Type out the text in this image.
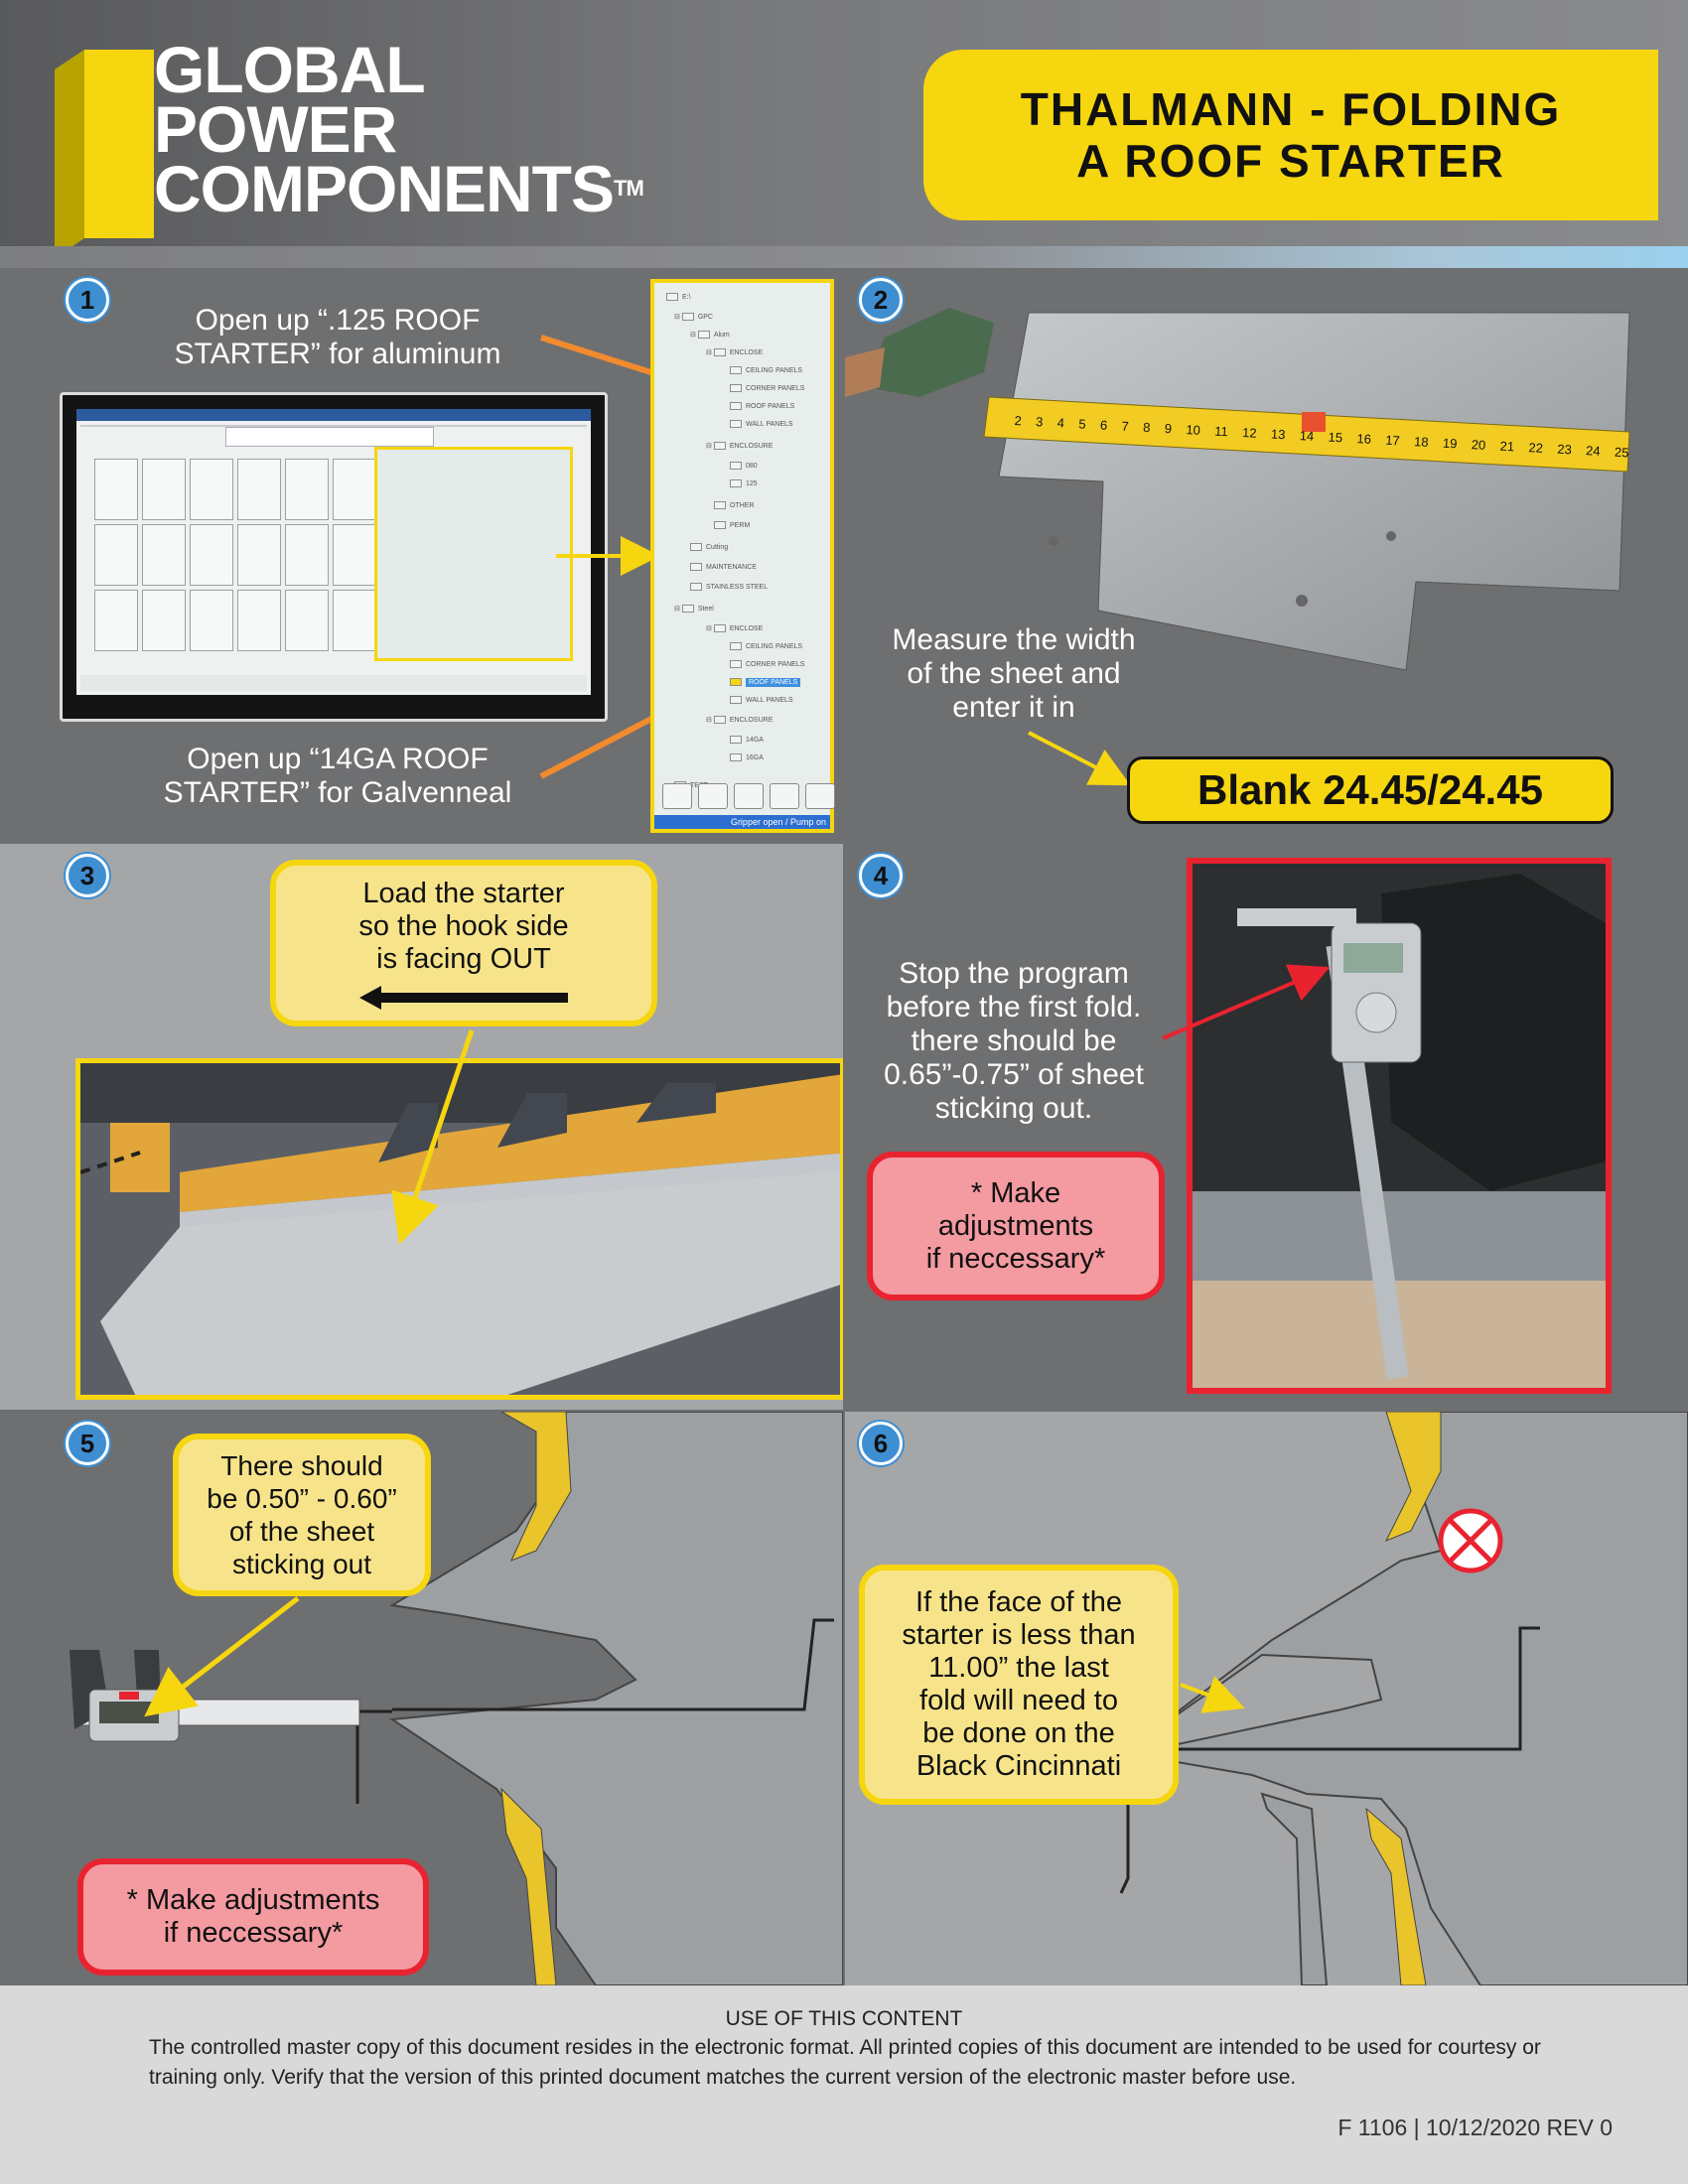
GLOBAL
POWER
COMPONENTS™
THALMANN - FOLDING
A ROOF STARTER
1
Open up “.125 ROOF
STARTER” for aluminum
E:\
⊟ GPC
⊟ Alum
⊟ ENCLOSE
CEILING PANELS
CORNER PANELS
ROOF PANELS
WALL PANELS
⊟ ENCLOSURE
080
125
OTHER
PERM
Cutting
MAINTENANCE
STAINLESS STEEL
⊟ Steel
⊟ ENCLOSE
CEILING PANELS
CORNER PANELS
ROOF PANELS
WALL PANELS
⊟ ENCLOSURE
14GA
16GA
Gripper open / Pump on
Open up “14GA ROOF
STARTER” for Galvenneal
2
2 3 4 5 6 7 8 9 10 11 12 13 14 15 16 17 18 19 20 21 22 23 24 25
Measure the width
of the sheet and
enter it in
Blank 24.45/24.45
3
Load the starter
so the hook side
is facing OUT
4
Stop the program
before the first fold.
there should be
0.65”-0.75” of sheet
sticking out.
* Make
adjustments
if neccessary*
5
There should
be 0.50” - 0.60”
of the sheet
sticking out
* Make adjustments
if neccessary*
6
If the face of the
starter is less than
11.00” the last
fold will need to
be done on the
Black Cincinnati
USE OF THIS CONTENT
The controlled master copy of this document resides in the electronic format. All printed copies of this document are intended to be used for courtesy or training only. Verify that the version of this printed document matches the current version of the electronic master before use.
F 1106 | 10/12/2020 REV 0
